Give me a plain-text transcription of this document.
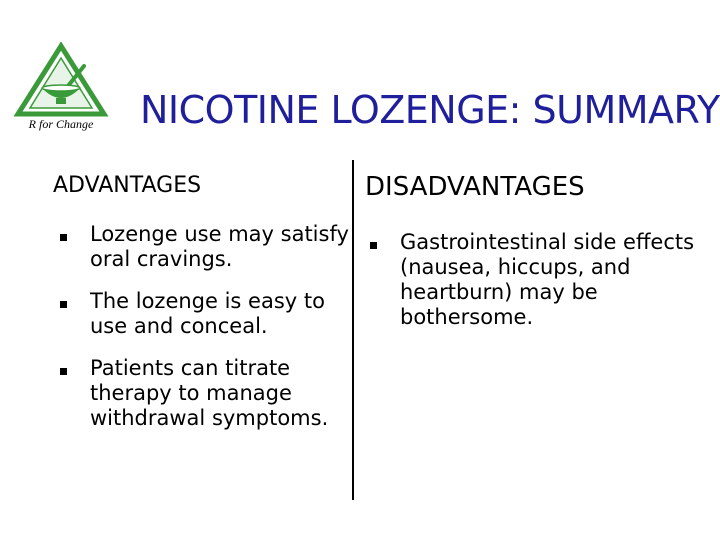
R for Change NICOTINE LOZENGE: SUMMARY
ADVANTAGES
Lozenge use may satisfy oral cravings.
The lozenge is easy to use and conceal.
Patients can titrate therapy to manage withdrawal symptoms.
DISADVANTAGES
Gastrointestinal side effects (nausea, hiccups, and heartburn) may be bothersome.
